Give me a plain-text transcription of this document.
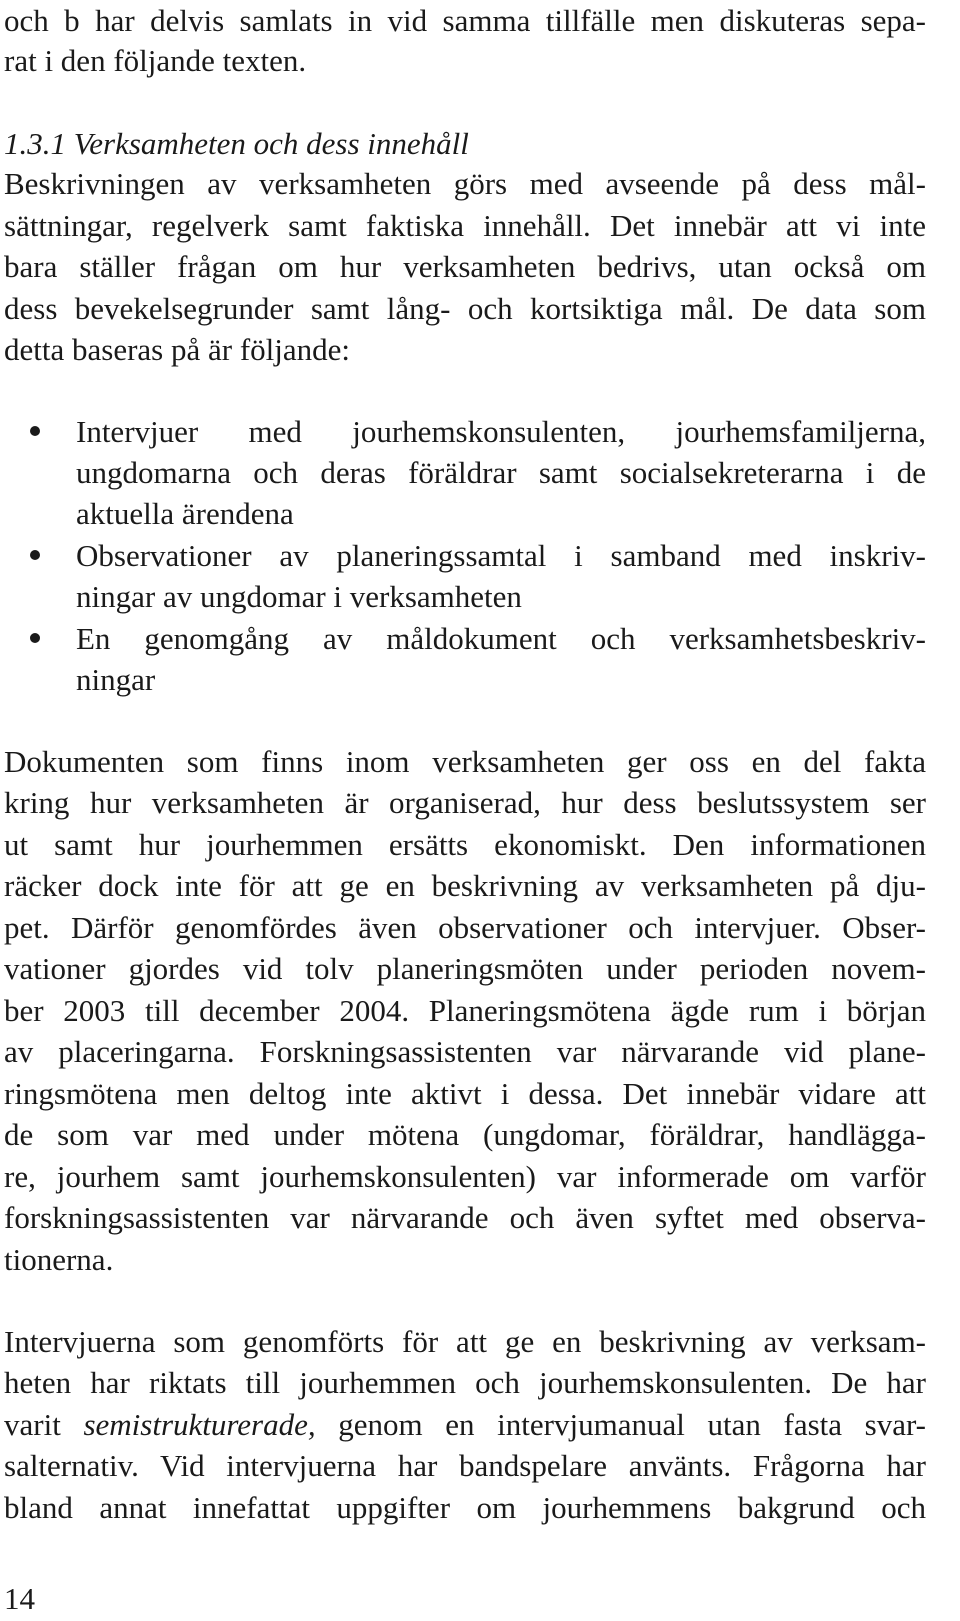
och b har delvis samlats in vid samma tillfälle men diskuteras sepa-
rat i den följande texten.
1.3.1 Verksamheten och dess innehåll
Beskrivningen av verksamheten görs med avseende på dess mål-
sättningar, regelverk samt faktiska innehåll. Det innebär att vi inte
bara ställer frågan om hur verksamheten bedrivs, utan också om
dess bevekelsegrunder samt lång- och kortsiktiga mål. De data som
detta baseras på är följande:
Intervjuer med jourhemskonsulenten, jourhemsfamiljerna,
ungdomarna och deras föräldrar samt socialsekreterarna i de
aktuella ärendena
Observationer av planeringssamtal i samband med inskriv-
ningar av ungdomar i verksamheten
En genomgång av måldokument och verksamhetsbeskriv-
ningar
Dokumenten som finns inom verksamheten ger oss en del fakta
kring hur verksamheten är organiserad, hur dess beslutssystem ser
ut samt hur jourhemmen ersätts ekonomiskt. Den informationen
räcker dock inte för att ge en beskrivning av verksamheten på dju-
pet. Därför genomfördes även observationer och intervjuer. Obser-
vationer gjordes vid tolv planeringsmöten under perioden novem-
ber 2003 till december 2004. Planeringsmötena ägde rum i början
av placeringarna. Forskningsassistenten var närvarande vid plane-
ringsmötena men deltog inte aktivt i dessa. Det innebär vidare att
de som var med under mötena (ungdomar, föräldrar, handlägga-
re, jourhem samt jourhemskonsulenten) var informerade om varför
forskningsassistenten var närvarande och även syftet med observa-
tionerna.
Intervjuerna som genomförts för att ge en beskrivning av verksam-
heten har riktats till jourhemmen och jourhemskonsulenten. De har
varit semistrukturerade, genom en intervjumanual utan fasta svar-
salternativ. Vid intervjuerna har bandspelare använts. Frågorna har
bland annat innefattat uppgifter om jourhemmens bakgrund och
14
